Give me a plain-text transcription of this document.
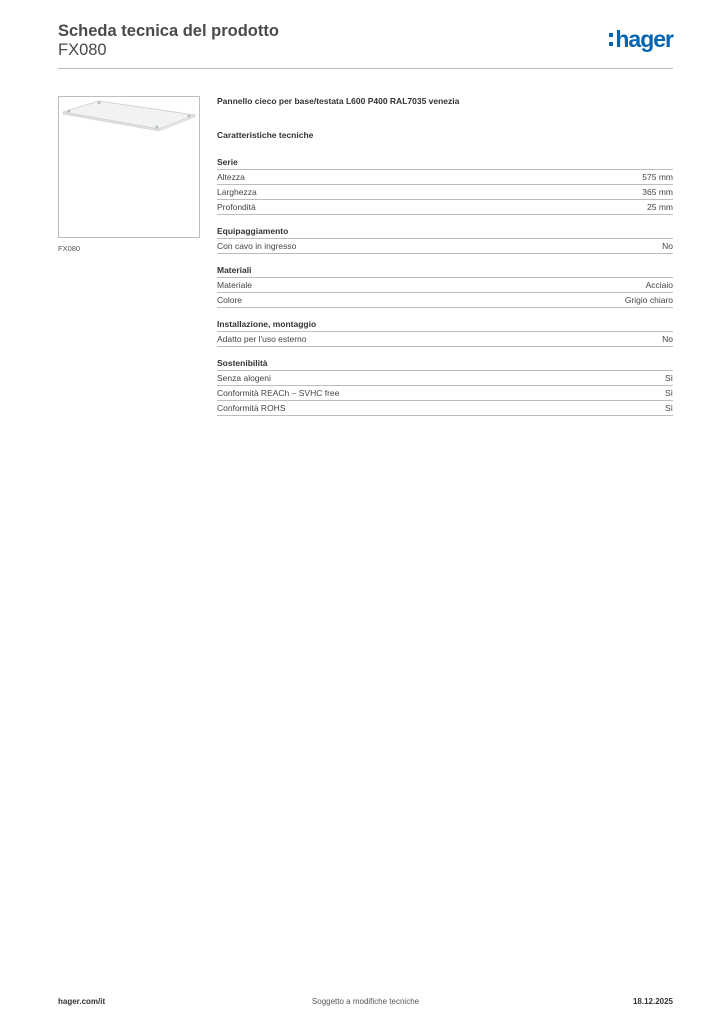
Scheda tecnica del prodotto
FX080	hager
FX080
Pannello cieco per base/testata L600 P400 RAL7035 venezia
Caratteristiche tecniche
Serie
Altezza	575 mm
Larghezza	365 mm
Profondità	25 mm
Equipaggiamento
Con cavo in ingresso	No
Materiali
Materiale	Acciaio
Colore	Grigio chiaro
Installazione, montaggio
Adatto per l'uso esterno	No
Sostenibilità
Senza alogeni	Sì
Conformità REACh – SVHC free	Sì
Conformità ROHS	Sì
hager.com/it	Soggetto a modifiche tecniche	18.12.2025
